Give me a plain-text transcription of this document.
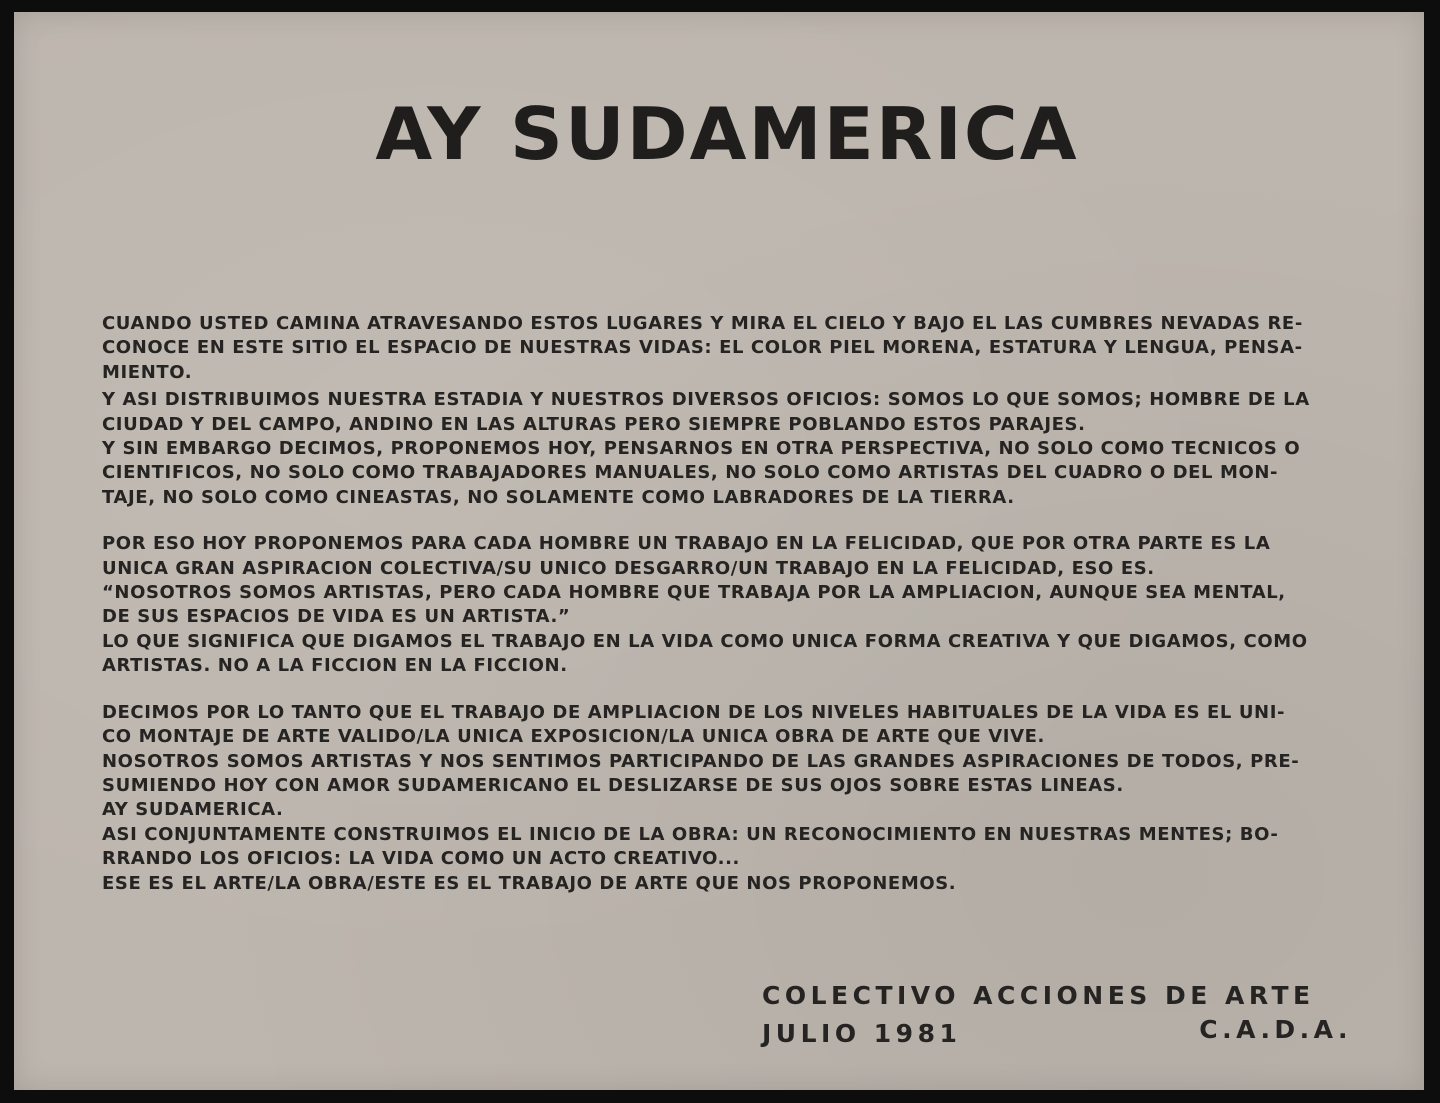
AY SUDAMERICA
CUANDO USTED CAMINA ATRAVESANDO ESTOS LUGARES Y MIRA EL CIELO Y BAJO EL LAS CUMBRES NEVADAS RE-
CONOCE EN ESTE SITIO EL ESPACIO DE NUESTRAS VIDAS: EL COLOR PIEL MORENA, ESTATURA Y LENGUA, PENSA-
MIENTO.
Y ASI DISTRIBUIMOS NUESTRA ESTADIA Y NUESTROS DIVERSOS OFICIOS: SOMOS LO QUE SOMOS; HOMBRE DE LA
CIUDAD Y DEL CAMPO, ANDINO EN LAS ALTURAS PERO SIEMPRE POBLANDO ESTOS PARAJES.
Y SIN EMBARGO DECIMOS, PROPONEMOS HOY, PENSARNOS EN OTRA PERSPECTIVA, NO SOLO COMO TECNICOS O
CIENTIFICOS, NO SOLO COMO TRABAJADORES MANUALES, NO SOLO COMO ARTISTAS DEL CUADRO O DEL MON-
TAJE, NO SOLO COMO CINEASTAS, NO SOLAMENTE COMO LABRADORES DE LA TIERRA.
POR ESO HOY PROPONEMOS PARA CADA HOMBRE UN TRABAJO EN LA FELICIDAD, QUE POR OTRA PARTE ES LA
UNICA GRAN ASPIRACION COLECTIVA/SU UNICO DESGARRO/UN TRABAJO EN LA FELICIDAD, ESO ES.
“NOSOTROS SOMOS ARTISTAS, PERO CADA HOMBRE QUE TRABAJA POR LA AMPLIACION, AUNQUE SEA MENTAL,
DE SUS ESPACIOS DE VIDA ES UN ARTISTA.”
LO QUE SIGNIFICA QUE DIGAMOS EL TRABAJO EN LA VIDA COMO UNICA FORMA CREATIVA Y QUE DIGAMOS, COMO
ARTISTAS. NO A LA FICCION EN LA FICCION.
DECIMOS POR LO TANTO QUE EL TRABAJO DE AMPLIACION DE LOS NIVELES HABITUALES DE LA VIDA ES EL UNI-
CO MONTAJE DE ARTE VALIDO/LA UNICA EXPOSICION/LA UNICA OBRA DE ARTE QUE VIVE.
NOSOTROS SOMOS ARTISTAS Y NOS SENTIMOS PARTICIPANDO DE LAS GRANDES ASPIRACIONES DE TODOS, PRE-
SUMIENDO HOY CON AMOR SUDAMERICANO EL DESLIZARSE DE SUS OJOS SOBRE ESTAS LINEAS.
AY SUDAMERICA.
ASI CONJUNTAMENTE CONSTRUIMOS EL INICIO DE LA OBRA: UN RECONOCIMIENTO EN NUESTRAS MENTES; BO-
RRANDO LOS OFICIOS: LA VIDA COMO UN ACTO CREATIVO...
ESE ES EL ARTE/LA OBRA/ESTE ES EL TRABAJO DE ARTE QUE NOS PROPONEMOS.
COLECTIVO ACCIONES DE ARTE
JULIO 1981	C.A.D.A.
